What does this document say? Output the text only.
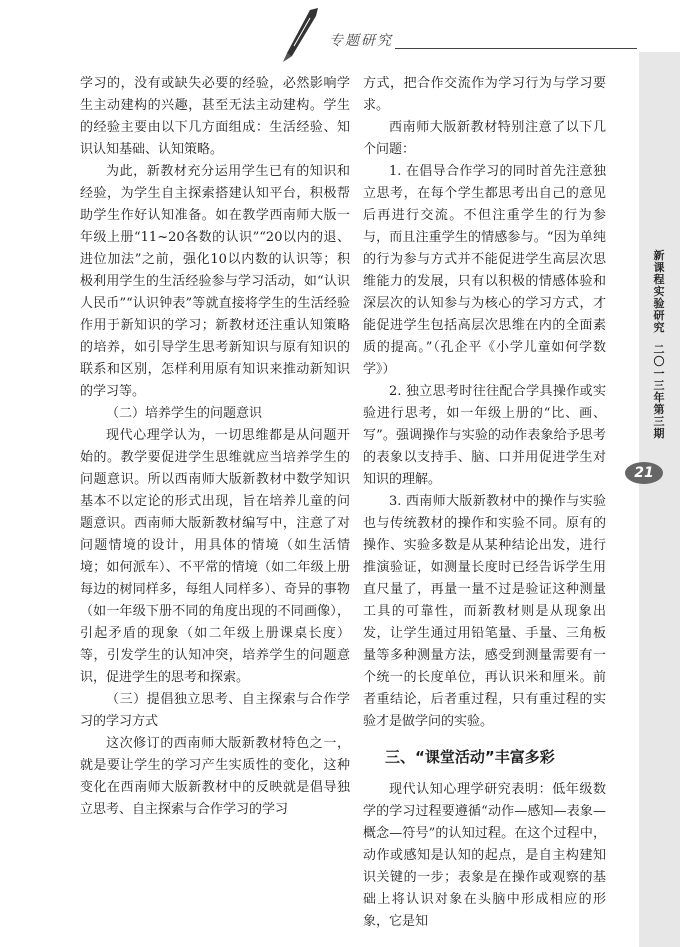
专题研究
新课程实验研究
二〇一三年 第三期
21

学习的，没有或缺失必要的经验，必然影响学生主动建构的兴趣，甚至无法主动建构。学生的经验主要由以下几方面组成：生活经验、知识认知基础、认知策略。

为此，新教材充分运用学生已有的知识和经验，为学生自主探索搭建认知平台，积极帮助学生作好认知准备。如在教学西南师大版一年级上册“11~20各数的认识”“20以内的退、进位加法”之前，强化10以内数的认识等；积极利用学生的生活经验参与学习活动，如“认识人民币”“认识钟表”等就直接将学生的生活经验作用于新知识的学习；新教材还注重认知策略的培养，如引导学生思考新知识与原有知识的联系和区别，怎样利用原有知识来推动新知识的学习等。

（二）培养学生的问题意识

现代心理学认为，一切思维都是从问题开始的。教学要促进学生思维就应当培养学生的问题意识。所以西南师大版新教材中数学知识基本不以定论的形式出现，旨在培养儿童的问题意识。西南师大版新教材编写中，注意了对问题情境的设计，用具体的情境（如生活情境；如何派车）、不平常的情境（如二年级上册每边的树同样多，每组人同样多）、奇异的事物（如一年级下册不同的角度出现的不同画像），引起矛盾的现象（如二年级上册课桌长度）等，引发学生的认知冲突，培养学生的问题意识，促进学生的思考和探索。

（三）提倡独立思考、自主探索与合作学习的学习方式

这次修订的西南师大版新教材特色之一，就是要让学生的学习产生实质性的变化，这种变化在西南师大版新教材中的反映就是倡导独立思考、自主探索与合作学习的学习

方式，把合作交流作为学习行为与学习要求。

西南师大版新教材特别注意了以下几个问题：

1. 在倡导合作学习的同时首先注意独立思考，在每个学生都思考出自己的意见后再进行交流。不但注重学生的行为参与，而且注重学生的情感参与。“因为单纯的行为参与方式并不能促进学生高层次思维能力的发展，只有以积极的情感体验和深层次的认知参与为核心的学习方式，才能促进学生包括高层次思维在内的全面素质的提高。”（孔企平《小学儿童如何学数学》）

2. 独立思考时往往配合学具操作或实验进行思考，如一年级上册的“比、画、写”。强调操作与实验的动作表象给予思考的表象以支持手、脑、口并用促进学生对知识的理解。

3. 西南师大版新教材中的操作与实验也与传统教材的操作和实验不同。原有的操作、实验多数是从某种结论出发，进行推演验证，如测量长度时已经告诉学生用直尺量了，再量一量不过是验证这种测量工具的可靠性，而新教材则是从现象出发，让学生通过用铅笔量、手量、三角板量等多种测量方法，感受到测量需要有一个统一的长度单位，再认识米和厘米。前者重结论，后者重过程，只有重过程的实验才是做学问的实验。

三、“课堂活动”丰富多彩

现代认知心理学研究表明：低年级数学的学习过程要遵循“动作—感知—表象—概念—符号”的认知过程。在这个过程中，动作或感知是认知的起点，是自主构建知识关键的一步；表象是在操作或观察的基础上将认识对象在头脑中形成相应的形象，它是知
